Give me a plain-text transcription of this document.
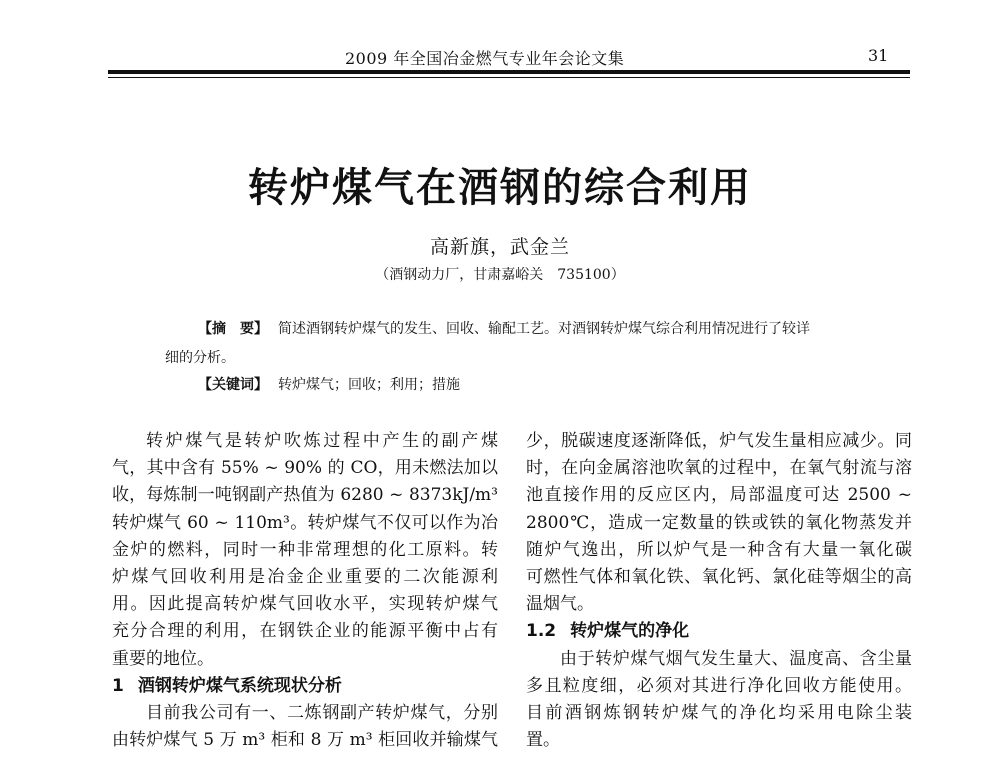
2009 年全国冶金燃气专业年会论文集	31
转炉煤气在酒钢的综合利用
高新旗，武金兰
（酒钢动力厂，甘肃嘉峪关　735100）
【摘　要】 简述酒钢转炉煤气的发生、回收、输配工艺。对酒钢转炉煤气综合利用情况进行了较详
细的分析。
【关键词】 转炉煤气；回收；利用；措施
转炉煤气是转炉吹炼过程中产生的副产煤
气，其中含有 55% ~ 90% 的 CO，用未燃法加以
收，每炼制一吨钢副产热值为 6280 ~ 8373kJ/m³
转炉煤气 60 ~ 110m³。转炉煤气不仅可以作为冶
金炉的燃料，同时一种非常理想的化工原料。转
炉煤气回收利用是冶金企业重要的二次能源利
用。因此提高转炉煤气回收水平，实现转炉煤气
充分合理的利用，在钢铁企业的能源平衡中占有
重要的地位。
1 酒钢转炉煤气系统现状分析
目前我公司有一、二炼钢副产转炉煤气，分别
由转炉煤气 5 万 m³ 柜和 8 万 m³ 柜回收并输煤气
少，脱碳速度逐渐降低，炉气发生量相应减少。同
时，在向金属溶池吹氧的过程中，在氧气射流与溶
池直接作用的反应区内，局部温度可达 2500 ~
2800℃，造成一定数量的铁或铁的氧化物蒸发并
随炉气逸出，所以炉气是一种含有大量一氧化碳
可燃性气体和氧化铁、氧化钙、氯化硅等烟尘的高
温烟气。
1.2 转炉煤气的净化
由于转炉煤气烟气发生量大、温度高、含尘量
多且粒度细，必须对其进行净化回收方能使用。
目前酒钢炼钢转炉煤气的净化均采用电除尘装
置。
